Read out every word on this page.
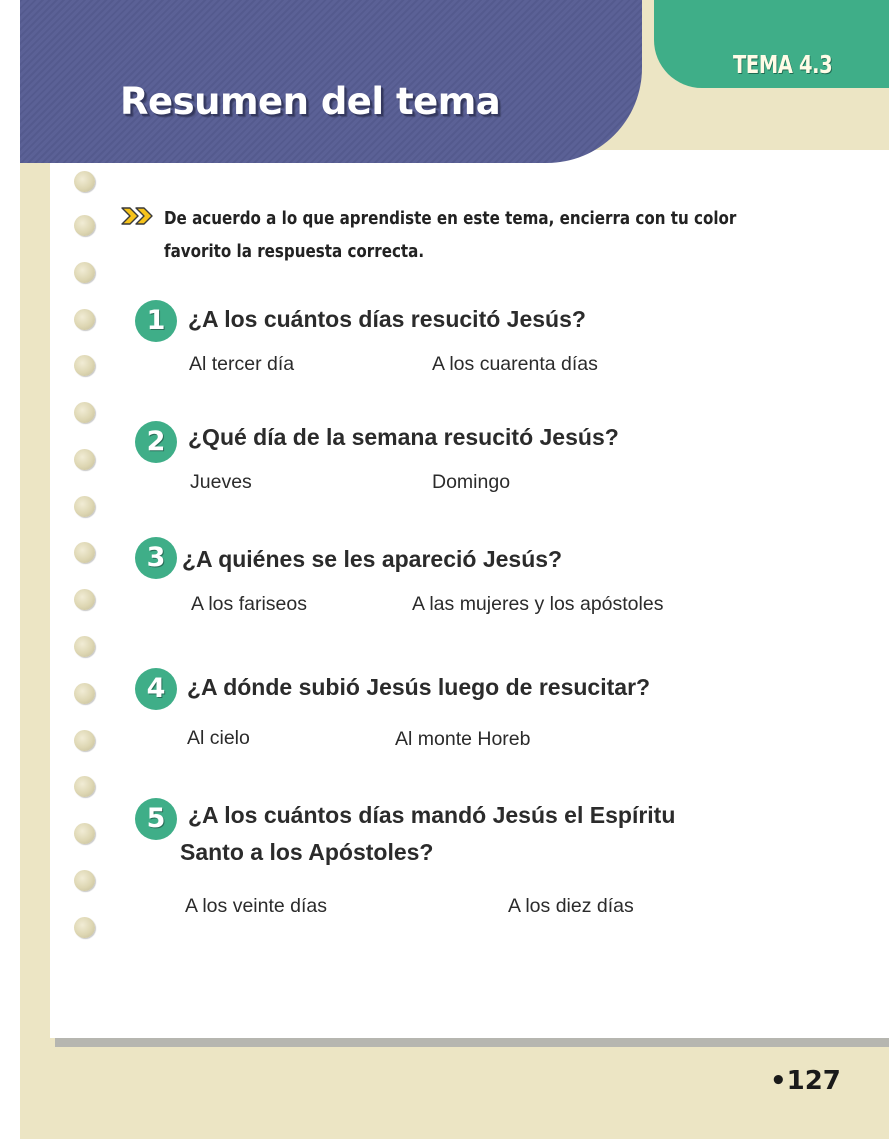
Resumen del tema
TEMA 4.3
De acuerdo a lo que aprendiste en este tema, encierra con tu color favorito la respuesta correcta.
1 ¿A los cuántos días resucitó Jesús?
Al tercer día	A los cuarenta días
2 ¿Qué día de la semana resucitó Jesús?
Jueves	Domingo
3 ¿A quiénes se les apareció Jesús?
A los fariseos	A las mujeres y los apóstoles
4 ¿A dónde subió Jesús luego de resucitar?
Al cielo	Al monte Horeb
5 ¿A los cuántos días mandó Jesús el Espíritu Santo a los Apóstoles?
A los veinte días	A los diez días
•127
